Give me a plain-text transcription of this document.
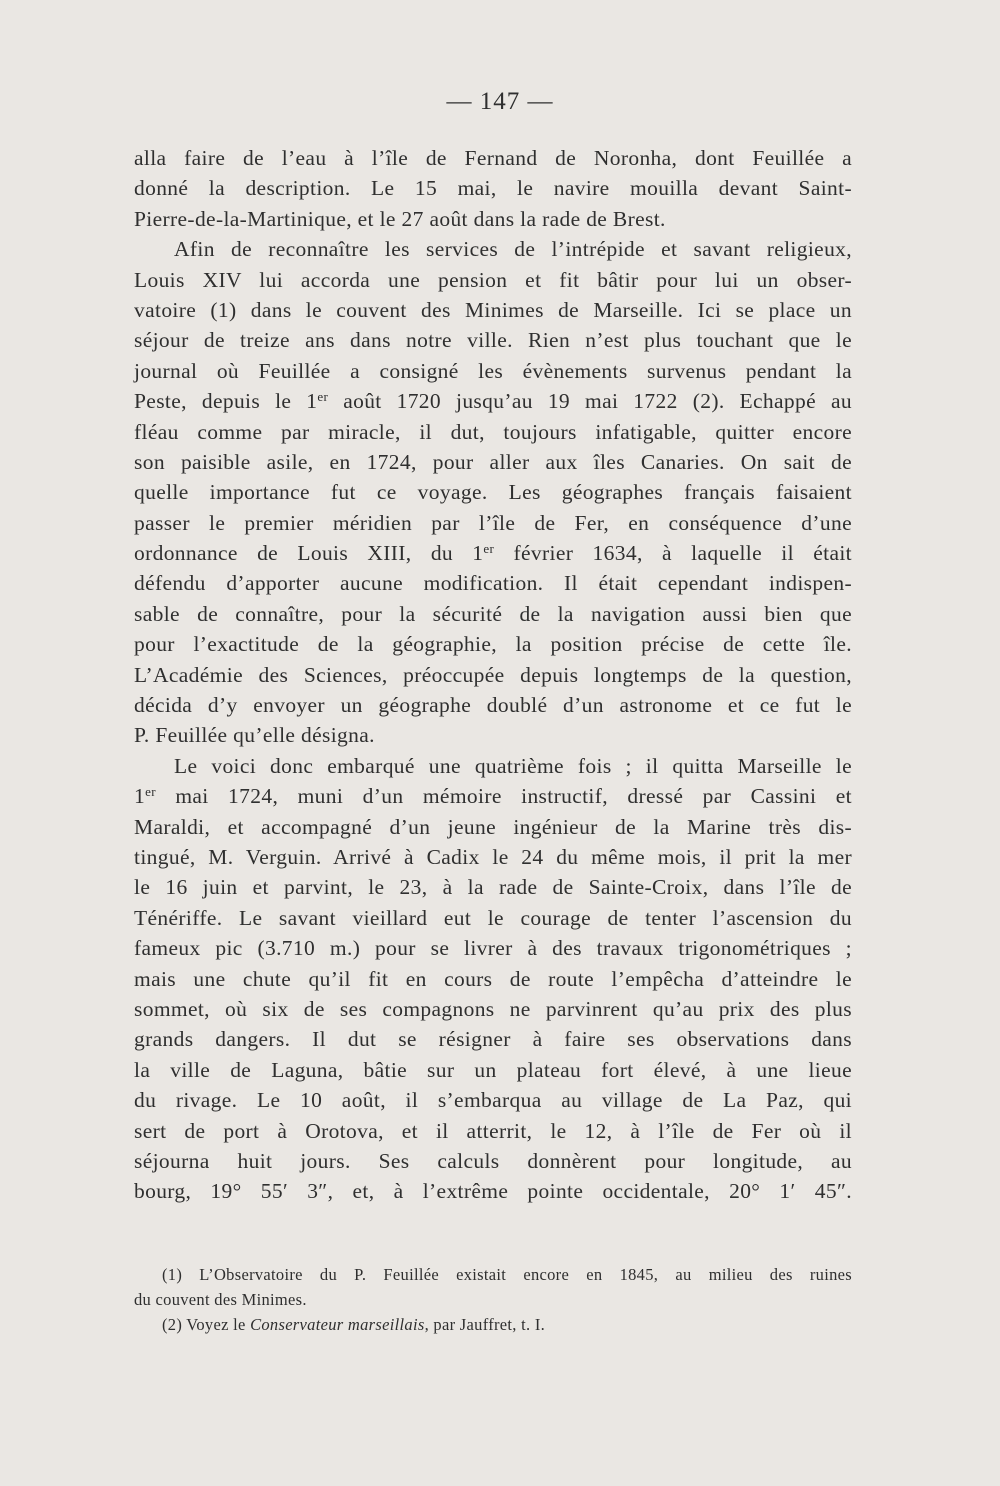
— 147 —
alla faire de l’eau à l’île de Fernand de Noronha, dont Feuillée a
donné la description. Le 15 mai, le navire mouilla devant Saint-
Pierre-de-la-Martinique, et le 27 août dans la rade de Brest.
Afin de reconnaître les services de l’intrépide et savant religieux,
Louis XIV lui accorda une pension et fit bâtir pour lui un obser-
vatoire (1) dans le couvent des Minimes de Marseille. Ici se place un
séjour de treize ans dans notre ville. Rien n’est plus touchant que le
journal où Feuillée a consigné les évènements survenus pendant la
Peste, depuis le 1er août 1720 jusqu’au 19 mai 1722 (2). Echappé au
fléau comme par miracle, il dut, toujours infatigable, quitter encore
son paisible asile, en 1724, pour aller aux îles Canaries. On sait de
quelle importance fut ce voyage. Les géographes français faisaient
passer le premier méridien par l’île de Fer, en conséquence d’une
ordonnance de Louis XIII, du 1er février 1634, à laquelle il était
défendu d’apporter aucune modification. Il était cependant indispen-
sable de connaître, pour la sécurité de la navigation aussi bien que
pour l’exactitude de la géographie, la position précise de cette île.
L’Académie des Sciences, préoccupée depuis longtemps de la question,
décida d’y envoyer un géographe doublé d’un astronome et ce fut le
P. Feuillée qu’elle désigna.
Le voici donc embarqué une quatrième fois ; il quitta Marseille le
1er mai 1724, muni d’un mémoire instructif, dressé par Cassini et
Maraldi, et accompagné d’un jeune ingénieur de la Marine très dis-
tingué, M. Verguin. Arrivé à Cadix le 24 du même mois, il prit la mer
le 16 juin et parvint, le 23, à la rade de Sainte-Croix, dans l’île de
Ténériffe. Le savant vieillard eut le courage de tenter l’ascension du
fameux pic (3.710 m.) pour se livrer à des travaux trigonométriques ;
mais une chute qu’il fit en cours de route l’empêcha d’atteindre le
sommet, où six de ses compagnons ne parvinrent qu’au prix des plus
grands dangers. Il dut se résigner à faire ses observations dans
la ville de Laguna, bâtie sur un plateau fort élevé, à une lieue
du rivage. Le 10 août, il s’embarqua au village de La Paz, qui
sert de port à Orotova, et il atterrit, le 12, à l’île de Fer où il
séjourna huit jours. Ses calculs donnèrent pour longitude, au
bourg, 19° 55′ 3″, et, à l’extrême pointe occidentale, 20° 1′ 45″.
(1) L’Observatoire du P. Feuillée existait encore en 1845, au milieu des ruines
du couvent des Minimes.
(2) Voyez le Conservateur marseillais, par Jauffret, t. I.
